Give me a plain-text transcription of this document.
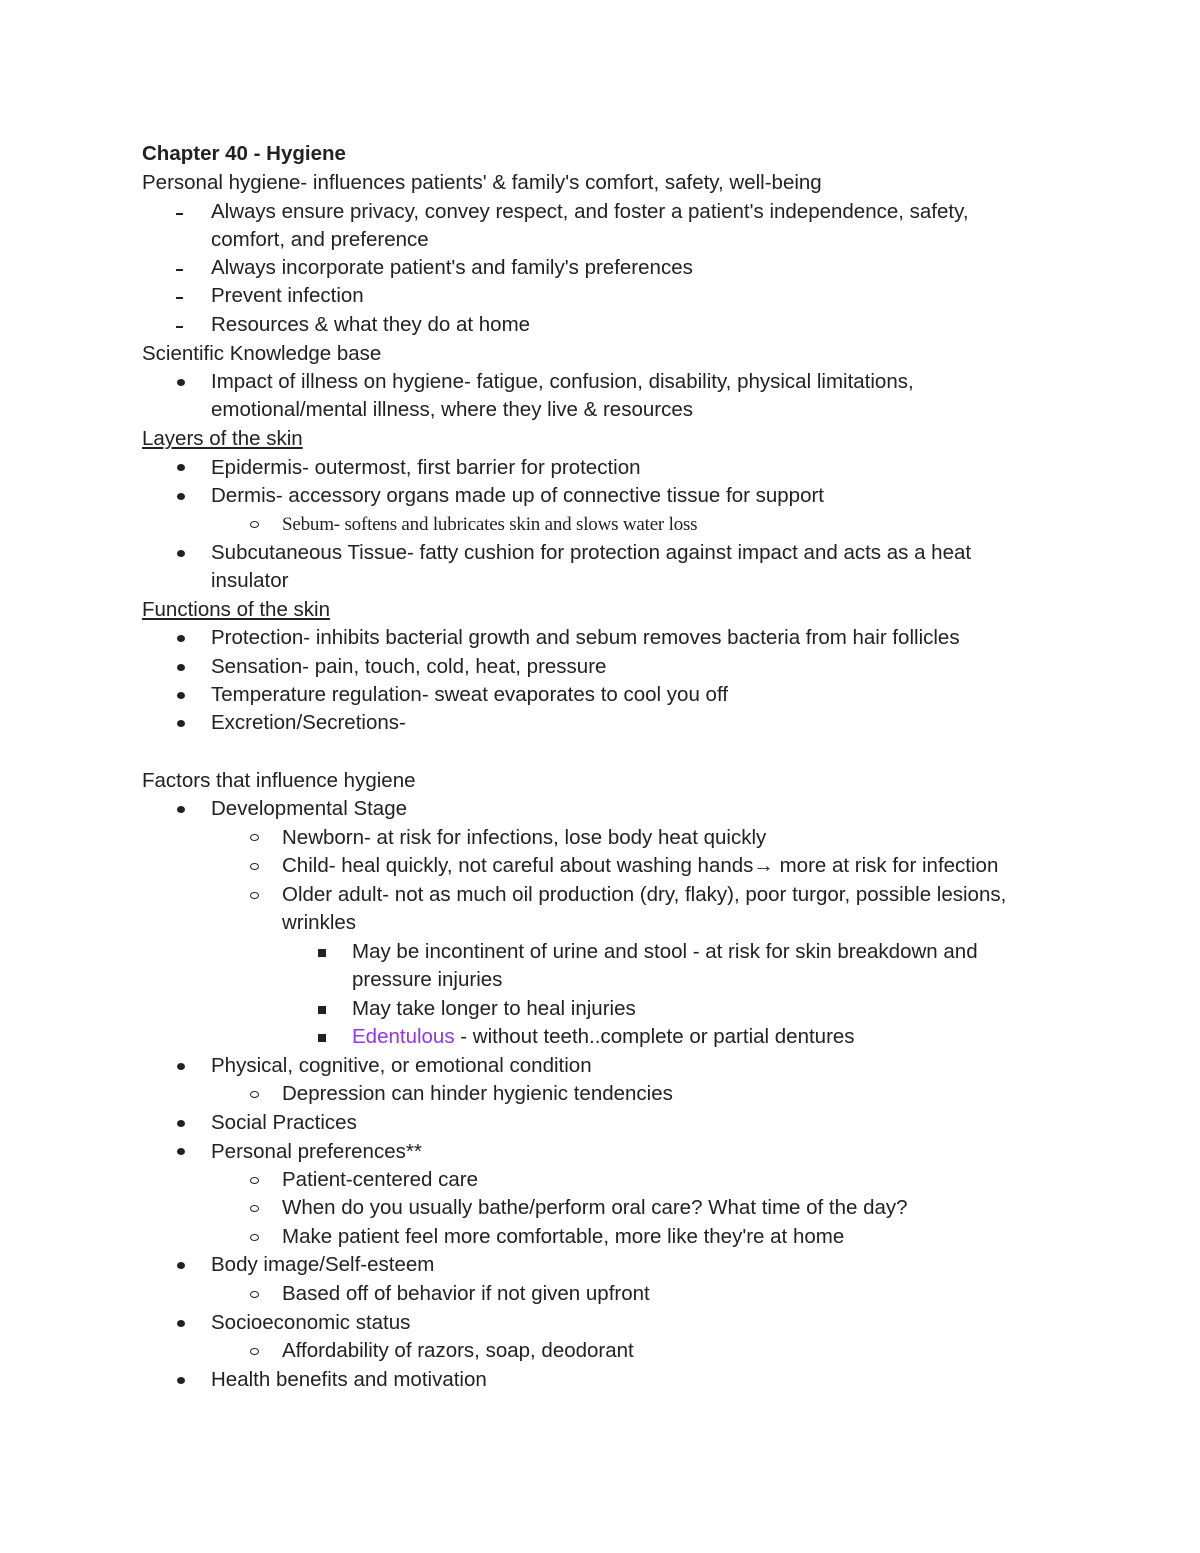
Chapter 40 - Hygiene
Personal hygiene- influences patients' & family's comfort, safety, well-being
Always ensure privacy, convey respect, and foster a patient's independence, safety,
comfort, and preference
Always incorporate patient's and family's preferences
Prevent infection
Resources & what they do at home
Scientific Knowledge base
Impact of illness on hygiene- fatigue, confusion, disability, physical limitations,
emotional/mental illness, where they live & resources
Layers of the skin
Epidermis- outermost, first barrier for protection
Dermis- accessory organs made up of connective tissue for support
Sebum- softens and lubricates skin and slows water loss
Subcutaneous Tissue- fatty cushion for protection against impact and acts as a heat
insulator
Functions of the skin
Protection- inhibits bacterial growth and sebum removes bacteria from hair follicles
Sensation- pain, touch, cold, heat, pressure
Temperature regulation- sweat evaporates to cool you off
Excretion/Secretions-
Factors that influence hygiene
Developmental Stage
Newborn- at risk for infections, lose body heat quickly
Child- heal quickly, not careful about washing hands→ more at risk for infection
Older adult- not as much oil production (dry, flaky), poor turgor, possible lesions,
wrinkles
May be incontinent of urine and stool - at risk for skin breakdown and
pressure injuries
May take longer to heal injuries
Edentulous - without teeth..complete or partial dentures
Physical, cognitive, or emotional condition
Depression can hinder hygienic tendencies
Social Practices
Personal preferences**
Patient-centered care
When do you usually bathe/perform oral care? What time of the day?
Make patient feel more comfortable, more like they're at home
Body image/Self-esteem
Based off of behavior if not given upfront
Socioeconomic status
Affordability of razors, soap, deodorant
Health benefits and motivation
